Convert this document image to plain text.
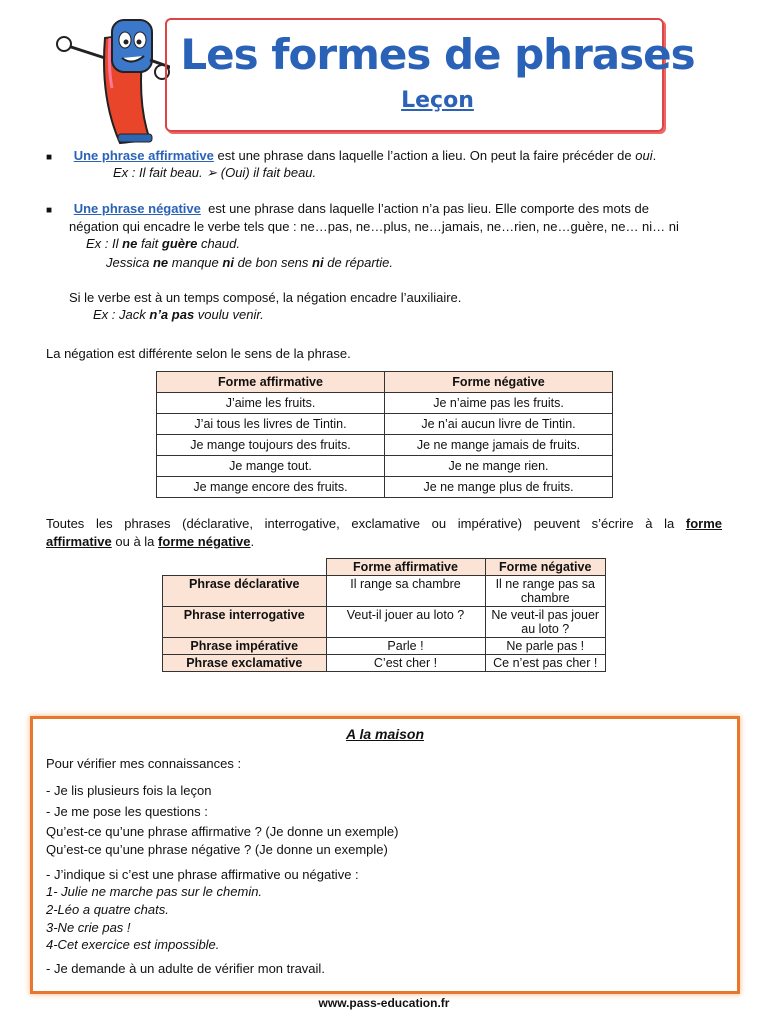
Les formes de phrases
Leçon
■ Une phrase affirmative est une phrase dans laquelle l’action a lieu. On peut la faire précéder de oui.
Ex : Il fait beau. ➢ (Oui) il fait beau.
■ Une phrase négative est une phrase dans laquelle l’action n’a pas lieu. Elle comporte des mots de
négation qui encadre le verbe tels que : ne…pas, ne…plus, ne…jamais, ne…rien, ne…guère, ne… ni… ni
Ex : Il ne fait guère chaud.
Jessica ne manque ni de bon sens ni de répartie.
Si le verbe est à un temps composé, la négation encadre l’auxiliaire.
Ex : Jack n’a pas voulu venir.
La négation est différente selon le sens de la phrase.
Forme affirmative	Forme négative
J’aime les fruits.	Je n’aime pas les fruits.
J’ai tous les livres de Tintin.	Je n’ai aucun livre de Tintin.
Je mange toujours des fruits.	Je ne mange jamais de fruits.
Je mange tout.	Je ne mange rien.
Je mange encore des fruits.	Je ne mange plus de fruits.
Toutes les phrases (déclarative, interrogative, exclamative ou impérative) peuvent s’écrire à la forme
affirmative ou à la forme négative.
	Forme affirmative	Forme négative
Phrase déclarative	Il range sa chambre	Il ne range pas sa chambre
Phrase interrogative	Veut-il jouer au loto ?	Ne veut-il pas jouer au loto ?
Phrase impérative	Parle !	Ne parle pas !
Phrase exclamative	C’est cher !	Ce n’est pas cher !
A la maison
Pour vérifier mes connaissances :
- Je lis plusieurs fois la leçon
- Je me pose les questions :
Qu’est-ce qu’une phrase affirmative ? (Je donne un exemple)
Qu’est-ce qu’une phrase négative ? (Je donne un exemple)
- J’indique si c’est une phrase affirmative ou négative :
1- Julie ne marche pas sur le chemin.
2-Léo a quatre chats.
3-Ne crie pas !
4-Cet exercice est impossible.
- Je demande à un adulte de vérifier mon travail.
www.pass-education.fr
